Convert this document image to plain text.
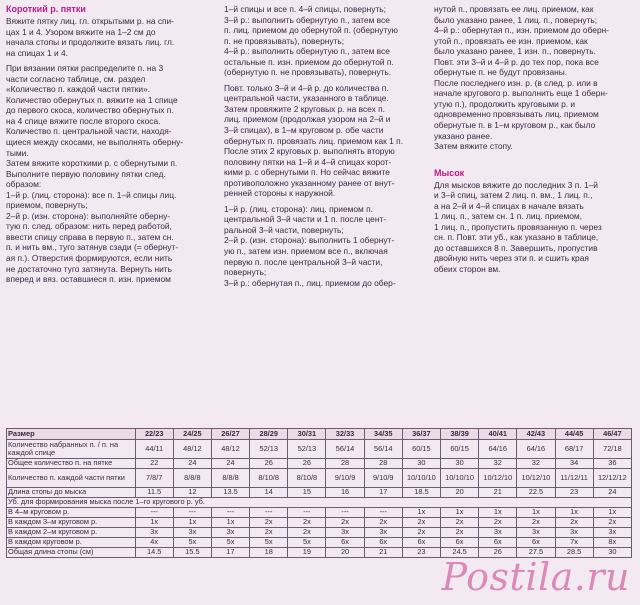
Короткий р. пятки

Вяжите пятку лиц. гл. открытыми р. на спи-

цах 1 и 4. Узором вяжите на 1–2 см до

начала стопы и продолжите вязать лиц. гл.

на спицах 1 и 4.

При вязании пятки распределите п. на 3

части согласно таблице, см. раздел

«Количество п. каждой части пятки».

Количество обернутых п. вяжите на 1 спице

до первого скоса, количество обернутых п.

на 4 спице вяжите после второго скоса.

Количество п. центральной части, находя-

щиеся между скосами, не выполнять оберну-

тыми.

Затем вяжите короткими р. с обернутыми п.

Выполните первую половину пятки след.

образом:

1–й р. (лиц. сторона): все п. 1–й спицы лиц.

приемом, повернуть;

2–й р. (изн. сторона): выполняйте оберну-

тую п. след. образом: нить перед работой,

ввести спицу справа в первую п., затем сн.

п. и нить вм., туго затянув сзади (= обернут-

ая п.). Отверстия формируются, если нить

не достаточно туго затянута. Вернуть нить

вперед и вяз. оставшиеся п. изн. приемом

1–й спицы и все п. 4–й спицы, повернуть;

3–й р.: выполнить обернутую п., затем все

п. лиц. приемом до обернутой п. (обернутую

п. не провязывать), повернуть;

4–й р.: выполнить обернутую п., затем все

остальные п. изн. приемом до обернутой п.

(обернутую п. не провязывать), повернуть.

Повт. только 3–й и 4–й р. до количества п.

центральной части, указанного в таблице.

Затем провяжите 2 круговых р. на всех п.

лиц. приемом (продолжая узором на 2–й и

3–й спицах), в 1–м круговом р. обе части

обернутых п. провязать лиц. приемом как 1 п.

После этих 2 круговых р. выполнять вторую

половину пятки на 1–й и 4–й спицах корот-

кими р. с обернутыми п. Но сейчас вяжите

противоположно указанному ранее от внут-

ренней стороны к наружной.

1–й р. (лиц. сторона): лиц. приемом п.

центральной 3–й части и 1 п. после цент-

ральной 3–й части, повернуть;

2–й р. (изн. сторона): выполнить 1 обернут-

ую п., затем изн. приемом все п., включая

первую п. после центральной 3–й части,

повернуть;

3–й р.: обернутая п., лиц. приемом до обер-

нутой п., провязать ее лиц. приемом, как

было указано ранее, 1 лиц. п., повернуть;

4–й р.: обернутая п., изн. приемом до оберн-

утой п., провязать ее изн. приемом, как

было указано ранее, 1 изн. п., повернуть.

Повт. эти 3–й и 4–й р. до тех пор, пока все

обернутые п. не будут провязаны.

После последнего изн. р. (в след. р. или в

начале кругового р. выполнить еще 1 оберн-

утую п.), продолжить круговыми р. и

одновременно провязывать лиц. приемом

обернутые п. в 1–м круговом р., как было

указано ранее.

Затем вяжите стопу.

Мысок

Для мысков вяжите до последних 3 п. 1–й

и 3–й спиц, затем 2 лиц. п. вм., 1 лиц. п.,

а на 2–й и 4–й спицах в начале вязать

1 лиц. п., затем сн. 1 п. лиц. приемом,

1 лиц. п., пропустить провязанную п. через

сн. п. Повт. эти уб., как указано в таблице,

до оставшихся 8 п. Завершить, пропустив

двойную нить через эти п. и сшить края

обеих сторон вм.

Размер	22/23	24/25	26/27	28/29	30/31	32/33	34/35	36/37	38/39	40/41	42/43	44/45	46/47
Количество набранных п. / п. на каждой спице	44/11	48/12	48/12	52/13	52/13	56/14	56/14	60/15	60/15	64/16	64/16	68/17	72/18
Общее количество п. на пятке	22	24	24	26	26	28	28	30	30	32	32	34	36
Количество п. каждой части пятки	7/8/7	8/8/8	8/8/8	8/10/8	8/10/8	9/10/9	9/10/9	10/10/10	10/10/10	10/12/10	10/12/10	11/12/11	12/12/12
Длина стопы до мыска	11.5	12	13.5	14	15	16	17	18.5	20	21	22.5	23	24
Уб. для формирования мыска после 1–го кругового р. уб.													
В 4–м круговом р.	---	---	---	---	---	---	---	1x	1x	1x	1x	1x	1x
В каждом 3–м круговом р.	1x	1x	1x	2x	2x	2x	2x	2x	2x	2x	2x	2x	2x
В каждом 2–м круговом р.	3x	3x	3x	2x	2x	3x	3x	2x	2x	3x	3x	3x	3x
В каждом круговом р.	4x	5x	5x	5x	5x	6x	6x	6x	6x	6x	6x	7x	8x
Общая длина стопы (см)	14.5	15.5	17	18	19	20	21	23	24.5	26	27.5	28.5	30
Postila.ru
